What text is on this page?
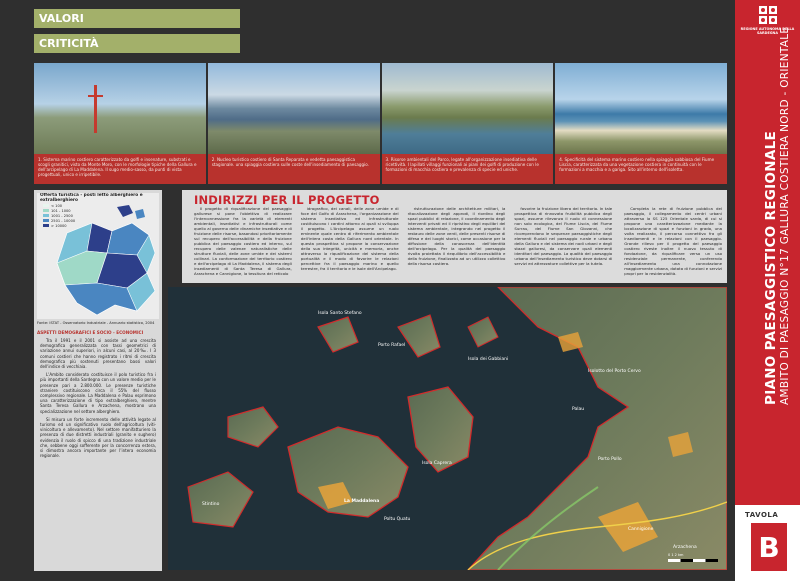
VALORI
CRITICITÀ
1. Sistema marino costiero caratterizzato da golfi e insenature, substrati e scogli granitici, visto da Monte Moro, con le morfologie tipiche della Gallura e dell'arcipelago di La Maddalena. Il sugo medio-sasso, da punti di vista progettuali, unico e irripetibile.
2. Nucleo turistico costiero di Santa Reparata e vedetta paesaggistica stagionale. una spiaggia costiera sulle coste dell'insediamento di paesaggio.
3. Risorse ambientali del Parco, legate all'organizzazione insediativa delle ricettività. I lapillati villaggi funzionali ai piani dei golfi di produzione con le formazioni di macchia costiera e prevalenza di specie ed uniche.
4. Specificità del sistema marino costiero nella spiaggia sabbiosa del Fiume Liscia, caratterizzata da una vegetazione costiera in continuità con le formazioni a macchia e a gariga. Sito all'interno dell'isoletta.
Offerta turistica - posti letto alberghiero e extralberghiero
< 100
101 - 1000
1001 - 2500
2501 - 10000
> 10000
Fonte: ISTAT - Osservatorio Industriale - Annuario statistico, 2004
ASPETTI DEMOGRAFICI E SOCIO - ECONOMICI

Tra il 1991 e il 2001 si assiste ad una crescita demografica generalizzata con tassi geometrici di variazione annui superiori, in alcuni casi, al 20‰. I 3 comuni costieri che hanno registrato i ritmi di crescita demografica più sostenuti presentano bassi valori dell'indice di vecchiaia.

L'Ambito considerato costituisce il polo turistico fra i più importanti della Sardegna con un valore medio per le presenze pari a 2.800.000. Le presenze turistiche straniere costituiscono circa il 55% del flusso complessivo regionale. La Maddalena e Palau esprimono una caratterizzazione di tipo extralberghiero, mentre Santa Teresa Gallura e Arzachena, mostrano una specializzazione nel settore alberghiero.

Si misura un forte incremento delle attività legate al turismo ed un significativo ruolo dell'agricoltura (viti-vinicoltura e allevamento). Nel settore manifatturiero la presenza di due distretti industriali (granito e sughero) evidenzia il ruolo di spicco di una tradizione industriale che, sebbene oggi sofferente per la concorrenza estera, si dimostra ancora importante per l'intera economia regionale.

INDIRIZZI PER IL PROGETTO

Il progetto di riqualificazione del paesaggio gallurese si pone l'obiettivo di realizzare l'interconnessione fra la varietà di elementi ambientali, insediativi e infrastrutturali come quello al governo delle dinamiche insediative e di fruizione delle risorse, basandosi prioritariamente sul recupero dell'accessibilità e della fruizione pubblica del paesaggio costiero ed interno, sul recupero delle valenze naturalistiche delle strutture fluviali, delle zone umide e dei sistemi collinari. La conformazione del territorio costiero e dell'arcipelago di La Maddalena, il sistema degli insediamenti di Santa Teresa di Gallura, Arzachena e Cannigione, la tessitura del reticolo

idrografico, dei canali, delle zone umide e di foce del Golfo di Arzachena, l'organizzazione del sistema insediativo ed infrastrutturale costituiscono i cardini attorno ai quali si sviluppa il progetto. L'Arcipelago assume un ruolo eminente quale centro di riferimento ambientale dell'intera costa della Gallura nord orientale. In questa prospettiva si propone la conservazione della sua integrità, unicità e memoria, anche attraverso la riqualificazione del sistema della portualità e il modo di favorire le relazioni percettive fra il paesaggio marino e quello terrestre, fra il territorio e le isole dell'Arcipelago.

ristrutturazione delle architetture militari, la ritocalizzazione degli approdi, il riordino degli spazi pubblici di relazione, il coordinamento degli interventi privati ed il ripristino degli equilibri del sistema ambientale, integrando nel progetto il restauro delle zone verdi, delle presenti risorse di difesa e dei luoghi storici, come occasione per la diffusione della conoscenza dell'identità dell'arcipelago. Per la qualità del paesaggio rivolta proiettata il riequilibrio dell'accessibilità e della fruizione, finalizzato ad un utilizzo collettivo della risorsa costiera.

favorire la fruizione libera del territorio. In tale prospettiva di rinnovata fruibilità pubblica degli spazi, assume rilevanza il ruolo di connessione non solo ecologica, del Fiume Liscia, del Fiume Surrau, del Fiume San Giovanni, che ricomprendono le sequenze paesaggistiche degli elementi fluviali nel paesaggio rurale e urbano della Gallura e del sistema dei nodi urbani e degli stazzi galluresi, da conservare quali elementi identitari del paesaggio. La qualità del paesaggio urbano dell'insediamento turistico deve dotarsi di servizi ed attrezzature collettive per la tutela.

Completa la rete di fruizione pubblica del paesaggio, il collegamento dei centri urbani attraverso la SS 125 Orientale sarda, di cui si propone una caratterizzazione mediante la localizzazione di spazi e funzioni in grado, una volta realizzato, il percorso connettivo fra gli insediamenti e le relazioni con il paesaggio. Grande rilievo per il progetto del paesaggio costiero riveste inoltre il nuovo tessuto di fondazione, da riqualificare verso un uso residenziale permanente, conferendo all'insediamento una connotazione maggiormente urbana, dotata di funzioni e servizi propri per la residenzialità.

Isola Caprera
La Maddalena
Palau
Arzachena
Porto Pollo
Isola dei Gabbiani
Cannigione
Stintino
Poltu Quatu
Porto Rafael
Isola Santo Stefano
Isolotto del Porto Cervo
0 1 2 km
REGIONE AUTONOMA DELLA SARDEGNA
PIANO PAESAGGISTICO REGIONALE AMBITO DI PAESAGGIO N°17 GALLURA COSTIERA NORD - ORIENTALE
TAVOLA
B
